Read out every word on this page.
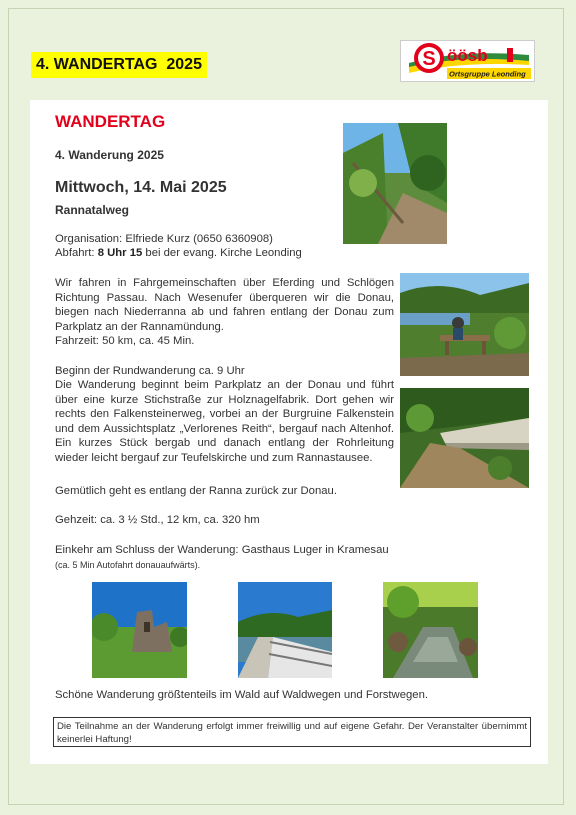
4. WANDERTAG  2025	S öösb
Ortsgruppe Leonding
WANDERTAG

4. Wanderung 2025

Mittwoch, 14. Mai 2025

Rannatalweg

Organisation: Elfriede Kurz (0650 6360908)

Abfahrt: 8 Uhr 15 bei der evang. Kirche Leonding

Wir fahren in Fahrgemeinschaften über Eferding und Schlögen Richtung Passau. Nach Wesenufer überqueren wir die Donau, biegen nach Niederranna ab und fahren entlang der Donau zum Parkplatz an der Rannamündung.

Fahrzeit: 50 km, ca. 45 Min.

Beginn der Rundwanderung ca. 9 Uhr

Die Wanderung beginnt beim Parkplatz an der Donau und führt über eine kurze Stichstraße zur Holznagelfabrik. Dort gehen wir rechts den Falkensteinerweg, vorbei an der Burgruine Falkenstein und dem Aussichtsplatz „Verlorenes Reith“, bergauf nach Altenhof. Ein kurzes Stück bergab und danach entlang der Rohrleitung wieder leicht bergauf zur Teufelskirche und zum Rannastausee.

Gemütlich geht es entlang der Ranna zurück zur Donau.

Gehzeit: ca. 3 ½ Std., 12 km, ca. 320 hm

Einkehr am Schluss der Wanderung: Gasthaus Luger in Kramesau

(ca. 5 Min Autofahrt donauaufwärts).

Schöne Wanderung größtenteils im Wald auf Waldwegen und Forstwegen.

Die Teilnahme an der Wanderung erfolgt immer freiwillig und auf eigene Gefahr. Der Veranstalter übernimmt keinerlei Haftung!
